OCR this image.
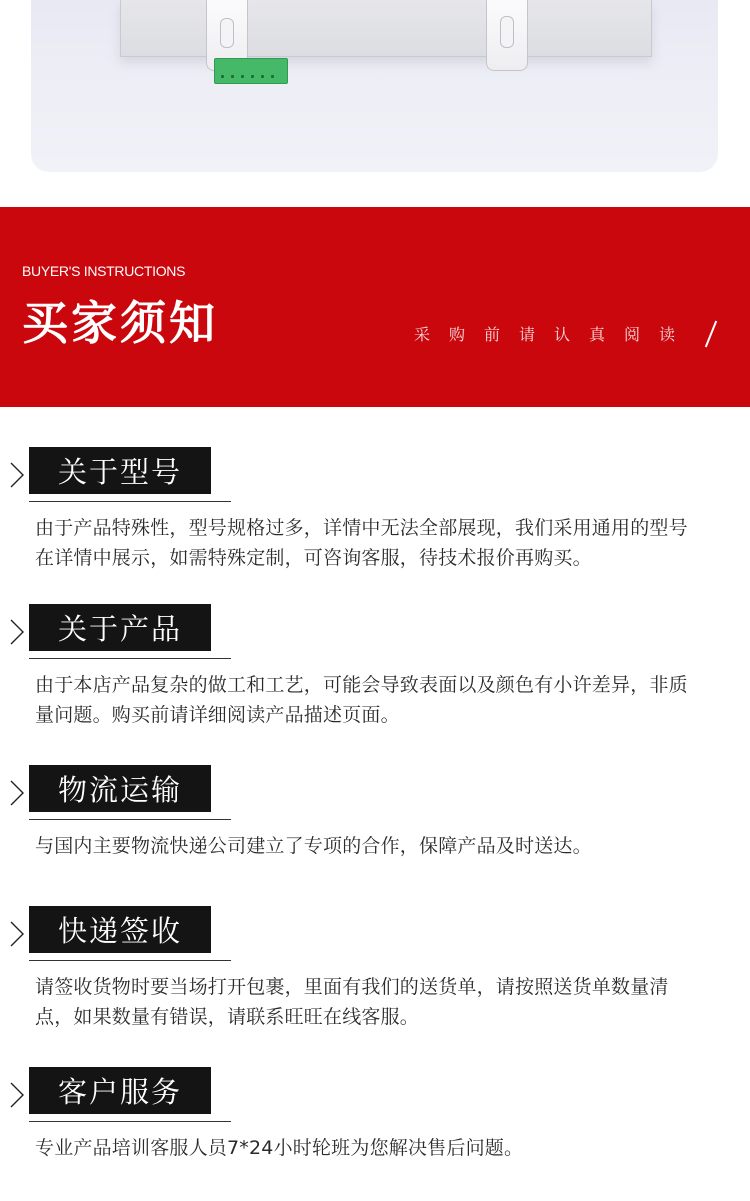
BUYER'S INSTRUCTIONS
买家须知	采购前请认真阅读
关于型号
由于产品特殊性，型号规格过多，详情中无法全部展现，我们采用通用的型号在详情中展示，如需特殊定制，可咨询客服，待技术报价再购买。
关于产品
由于本店产品复杂的做工和工艺，可能会导致表面以及颜色有小许差异，非质量问题。购买前请详细阅读产品描述页面。
物流运输
与国内主要物流快递公司建立了专项的合作，保障产品及时送达。
快递签收
请签收货物时要当场打开包裹，里面有我们的送货单，请按照送货单数量清点，如果数量有错误，请联系旺旺在线客服。
客户服务
专业产品培训客服人员7*24小时轮班为您解决售后问题。
